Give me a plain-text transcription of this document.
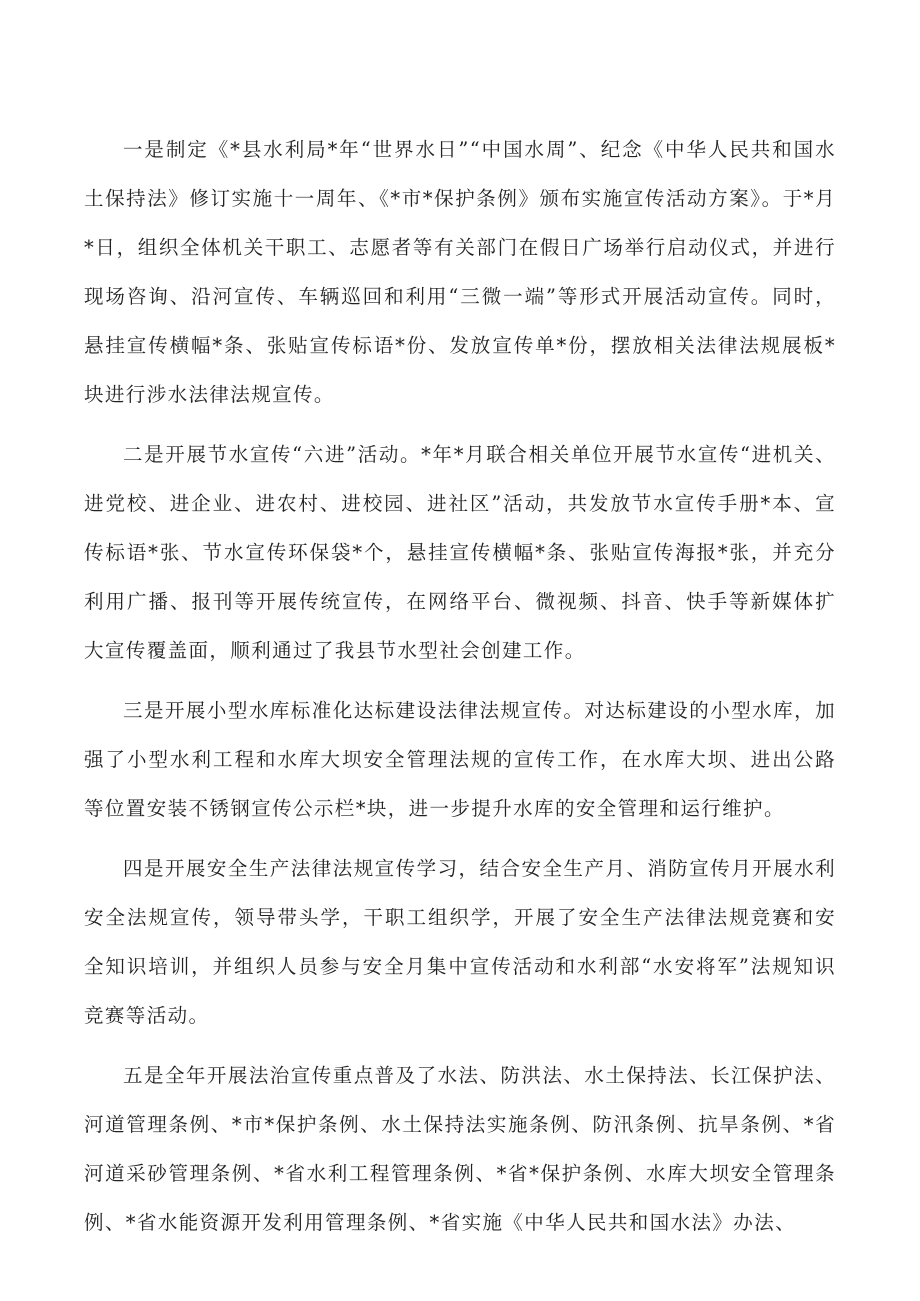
一是制定《*县水利局*年“世界水日”“中国水周”、纪念《中华人民共和国水土保持法》修订实施十一周年、《*市*保护条例》颁布实施宣传活动方案》。于*月*日，组织全体机关干职工、志愿者等有关部门在假日广场举行启动仪式，并进行现场咨询、沿河宣传、车辆巡回和利用“三微一端”等形式开展活动宣传。同时，悬挂宣传横幅*条、张贴宣传标语*份、发放宣传单*份，摆放相关法律法规展板*块进行涉水法律法规宣传。

二是开展节水宣传“六进”活动。*年*月联合相关单位开展节水宣传“进机关、进党校、进企业、进农村、进校园、进社区”活动，共发放节水宣传手册*本、宣传标语*张、节水宣传环保袋*个，悬挂宣传横幅*条、张贴宣传海报*张，并充分利用广播、报刊等开展传统宣传，在网络平台、微视频、抖音、快手等新媒体扩大宣传覆盖面，顺利通过了我县节水型社会创建工作。

三是开展小型水库标准化达标建设法律法规宣传。对达标建设的小型水库，加强了小型水利工程和水库大坝安全管理法规的宣传工作，在水库大坝、进出公路等位置安装不锈钢宣传公示栏*块，进一步提升水库的安全管理和运行维护。

四是开展安全生产法律法规宣传学习，结合安全生产月、消防宣传月开展水利安全法规宣传，领导带头学，干职工组织学，开展了安全生产法律法规竞赛和安全知识培训，并组织人员参与安全月集中宣传活动和水利部“水安将军”法规知识竞赛等活动。

五是全年开展法治宣传重点普及了水法、防洪法、水土保持法、长江保护法、河道管理条例、*市*保护条例、水土保持法实施条例、防汛条例、抗旱条例、*省河道采砂管理条例、*省水利工程管理条例、*省*保护条例、水库大坝安全管理条例、*省水能资源开发利用管理条例、*省实施《中华人民共和国水法》办法、
